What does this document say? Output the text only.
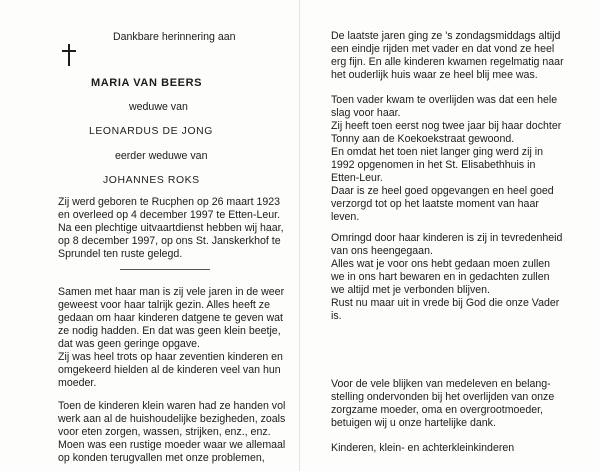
Dankbare herinnering aan
MARIA VAN BEERS
weduwe van
LEONARDUS DE JONG
eerder weduwe van
JOHANNES ROKS

Zij werd geboren te Rucphen op 26 maart 1923

en overleed op 4 december 1997 te Etten-Leur.

Na een plechtige uitvaartdienst hebben wij haar,

op 8 december 1997, op ons St. Janskerkhof te

Sprundel ten ruste gelegd.

Samen met haar man is zij vele jaren in de weer

geweest voor haar talrijk gezin. Alles heeft ze

gedaan om haar kinderen datgene te geven wat

ze nodig hadden. En dat was geen klein beetje,

dat was geen geringe opgave.

Zij was heel trots op haar zeventien kinderen en

omgekeerd hielden al de kinderen veel van hun

moeder.

Toen de kinderen klein waren had ze handen vol

werk aan al de huishoudelijke bezigheden, zoals

voor eten zorgen, wassen, strijken, enz., enz.

Moen was een rustige moeder waar we allemaal

op konden terugvallen met onze problemen,

De laatste jaren ging ze 's zondagsmiddags altijd

een eindje rijden met vader en dat vond ze heel

erg fijn. En alle kinderen kwamen regelmatig naar

het ouderlijk huis waar ze heel blij mee was.

Toen vader kwam te overlijden was dat een hele

slag voor haar.

Zij heeft toen eerst nog twee jaar bij haar dochter

Tonny aan de Koekoekstraat gewoond.

En omdat het toen niet langer ging werd zij in

1992 opgenomen in het St. Elisabethhuis in

Etten-Leur.

Daar is ze heel goed opgevangen en heel goed

verzorgd tot op het laatste moment van haar

leven.

Omringd door haar kinderen is zij in tevredenheid

van ons heengegaan.

Alles wat je voor ons hebt gedaan moen zullen

we in ons hart bewaren en in gedachten zullen

we altijd met je verbonden blijven.

Rust nu maar uit in vrede bij God die onze Vader

is.

Voor de vele blijken van medeleven en belang-

stelling ondervonden bij het overlijden van onze

zorgzame moeder, oma en overgrootmoeder,

betuigen wij u onze hartelijke dank.

Kinderen, klein- en achterkleinkinderen
